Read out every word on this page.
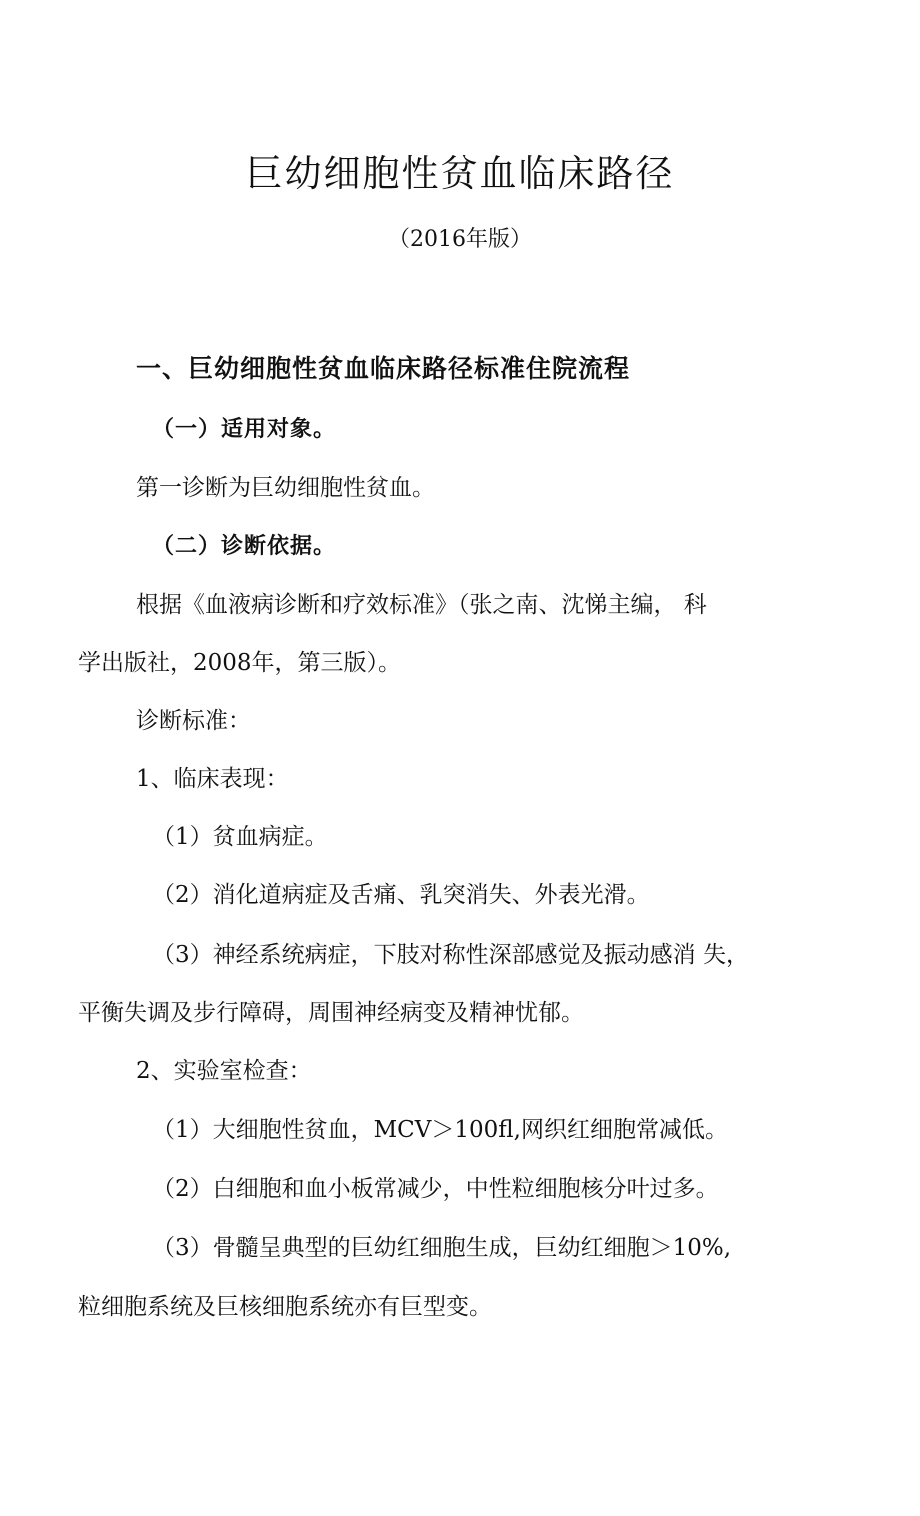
巨幼细胞性贫血临床路径
（2016年版）
一、巨幼细胞性贫血临床路径标准住院流程
（一）适用对象。
第一诊断为巨幼细胞性贫血。
（二）诊断依据。
根据《血液病诊断和疗效标准》（张之南、沈悌主编， 科
学出版社，2008年，第三版）。
诊断标准：
1、临床表现：
（1）贫血病症。
（2）消化道病症及舌痛、乳突消失、外表光滑。
（3）神经系统病症，下肢对称性深部感觉及振动感消 失，
平衡失调及步行障碍，周围神经病变及精神忧郁。
2、实验室检查：
（1）大细胞性贫血，MCV＞100fl,网织红细胞常减低。
（2）白细胞和血小板常减少，中性粒细胞核分叶过多。
（3）骨髓呈典型的巨幼红细胞生成，巨幼红细胞＞10%,
粒细胞系统及巨核细胞系统亦有巨型变。
